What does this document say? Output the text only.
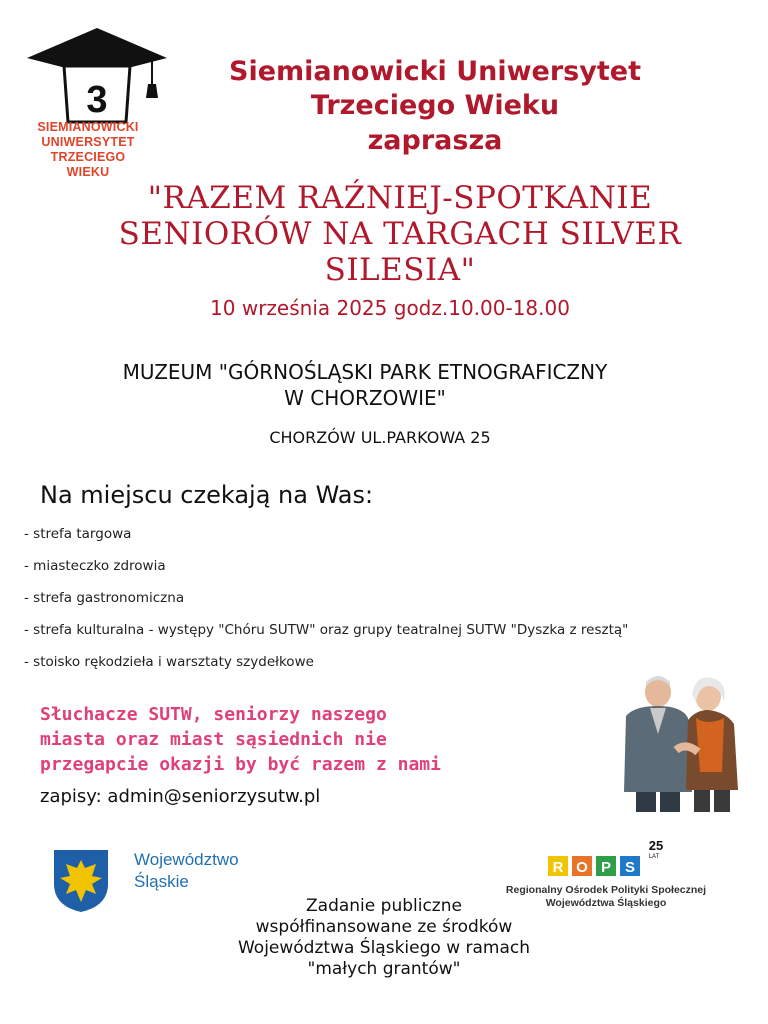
3
SIEMIANOWICKI
UNIWERSYTET
TRZECIEGO
WIEKU
Siemianowicki Uniwersytet
Trzeciego Wieku
zaprasza
"RAZEM RAŹNIEJ-SPOTKANIE
SENIORÓW NA TARGACH SILVER
SILESIA"
10 września 2025 godz.10.00-18.00
MUZEUM "GÓRNOŚLĄSKI PARK ETNOGRAFICZNY
W CHORZOWIE"
CHORZÓW UL.PARKOWA 25
Na miejscu czekają na Was:
- strefa targowa
- miasteczko zdrowia
- strefa gastronomiczna
- strefa kulturalna - występy "Chóru SUTW" oraz grupy teatralnej SUTW "Dyszka z resztą"
- stoisko rękodzieła i warsztaty szydełkowe
Słuchacze SUTW, seniorzy naszego
miasta oraz miast sąsiednich nie
przegapcie okazji by być razem z nami
zapisy: admin@seniorzysutw.pl
Województwo
Śląskie
R O P S
25
LAT
Regionalny Ośrodek Polityki Społecznej
Województwa Śląskiego
Zadanie publiczne
współfinansowane ze środków
Województwa Śląskiego w ramach
"małych grantów"
